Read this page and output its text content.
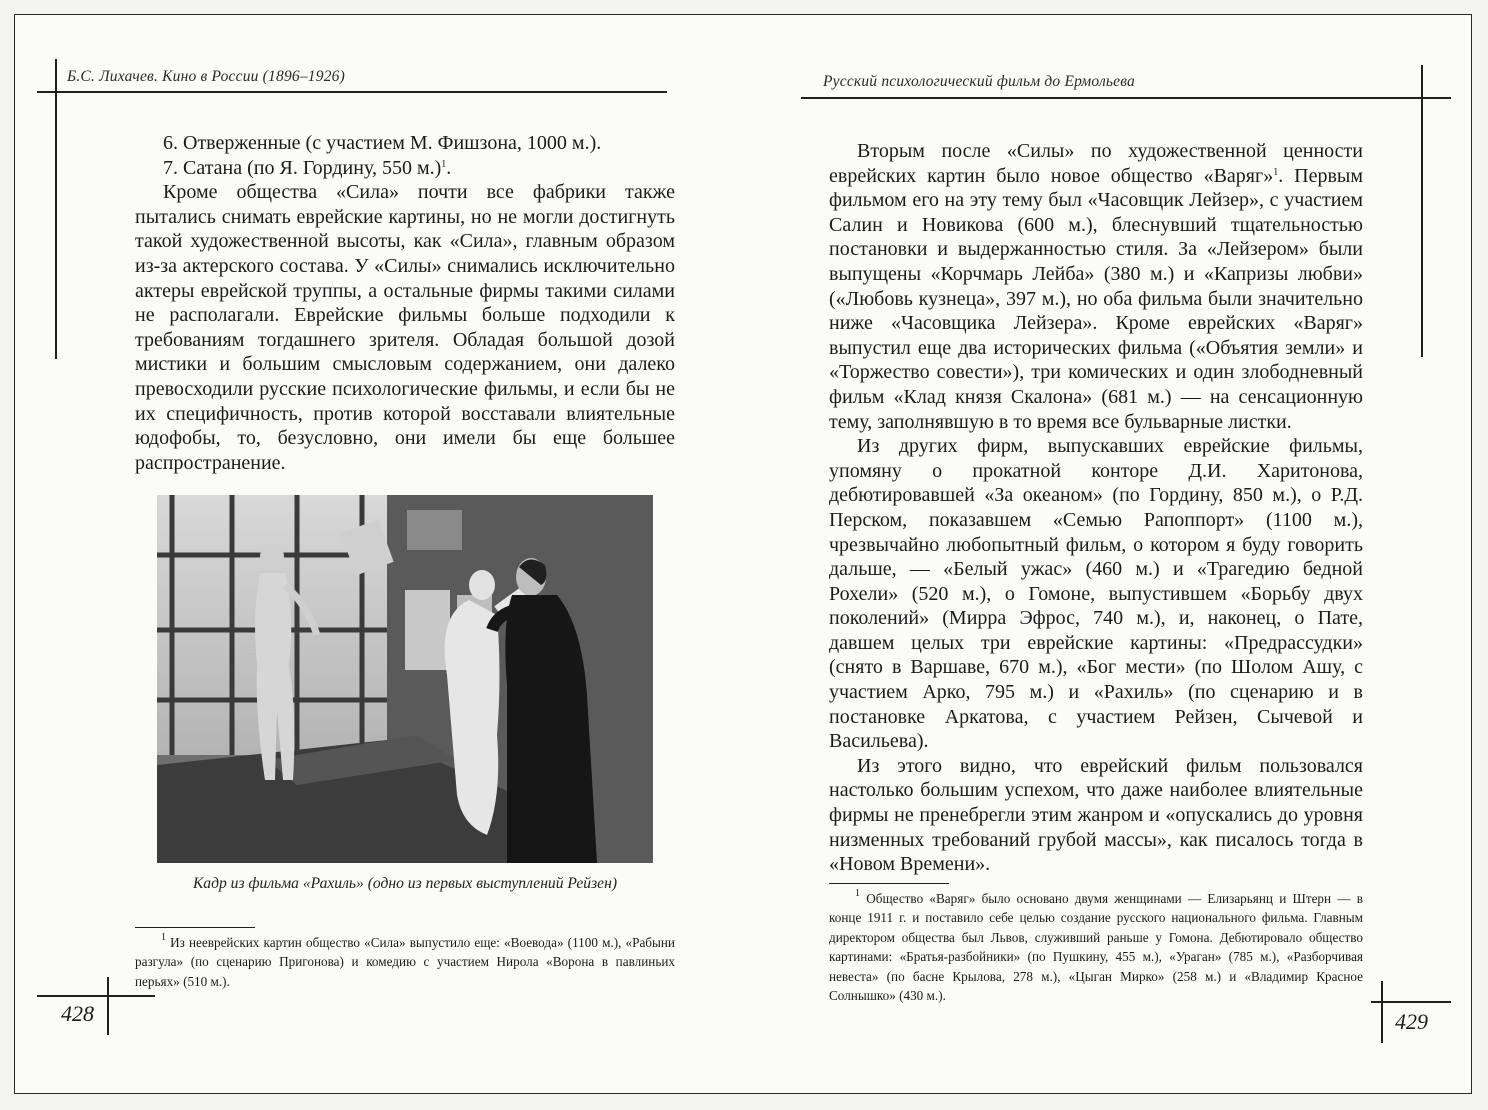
Б.С. Лихачев. Кино в России (1896–1926)

6. Отверженные (с участием М. Фишзона, 1000 м.).

7. Сатана (по Я. Гордину, 550 м.)$^1$.

Кроме общества «Сила» почти все фабрики также пытались снимать еврейские картины, но не могли достигнуть такой художественной высоты, как «Сила», главным образом из-за актерского состава. У «Силы» снимались исключительно актеры еврейской труппы, а остальные фирмы такими силами не располагали. Еврейские фильмы больше подходили к требованиям тогдашнего зрителя. Обладая большой дозой мистики и большим смысловым содержанием, они далеко превосходили русские психологические фильмы, и если бы не их специфичность, против которой восставали влиятельные юдофобы, то, безусловно, они имели бы еще большее распространение.

Кадр из фильма «Рахиль» (одно из первых выступлений Рейзен)

$^1$ Из нееврейских картин общество «Сила» выпустило еще: «Воевода» (1100 м.), «Рабыни разгула» (по сценарию Пригонова) и комедию с участием Нирола «Ворона в павлиньих перьях» (510 м.).

428
Русский психологический фильм до Ермольева

Вторым после «Силы» по художественной ценности еврейских картин было новое общество «Варяг»$^1$. Первым фильмом его на эту тему был «Часовщик Лейзер», с участием Салин и Новикова (600 м.), блеснувший тщательностью постановки и выдержанностью стиля. За «Лейзером» были выпущены «Корчмарь Лейба» (380 м.) и «Капризы любви» («Любовь кузнеца», 397 м.), но оба фильма были значительно ниже «Часовщика Лейзера». Кроме еврейских «Варяг» выпустил еще два исторических фильма («Объятия земли» и «Торжество совести»), три комических и один злободневный фильм «Клад князя Скалона» (681 м.) — на сенсационную тему, заполнявшую в то время все бульварные листки.

Из других фирм, выпускавших еврейские фильмы, упомяну о прокатной конторе Д.И. Харитонова, дебютировавшей «За океаном» (по Гордину, 850 м.), о Р.Д. Перском, показавшем «Семью Рапоппорт» (1100 м.), чрезвычайно любопытный фильм, о котором я буду говорить дальше, — «Белый ужас» (460 м.) и «Трагедию бедной Рохели» (520 м.), о Гомоне, выпустившем «Борьбу двух поколений» (Мирра Эфрос, 740 м.), и, наконец, о Пате, давшем целых три еврейские картины: «Предрассудки» (снято в Варшаве, 670 м.), «Бог мести» (по Шолом Ашу, с участием Арко, 795 м.) и «Рахиль» (по сценарию и в постановке Аркатова, с участием Рейзен, Сычевой и Васильева).

Из этого видно, что еврейский фильм пользовался настолько большим успехом, что даже наиболее влиятельные фирмы не пренебрегли этим жанром и «опускались до уровня низменных требований грубой массы», как писалось тогда в «Новом Времени».

$^1$ Общество «Варяг» было основано двумя женщинами — Елизарьянц и Штерн — в конце 1911 г. и поставило себе целью создание русского национального фильма. Главным директором общества был Львов, служивший раньше у Гомона. Дебютировало общество картинами: «Братья-разбойники» (по Пушкину, 455 м.), «Ураган» (785 м.), «Разборчивая невеста» (по басне Крылова, 278 м.), «Цыган Мирко» (258 м.) и «Владимир Красное Солнышко» (430 м.).

429
